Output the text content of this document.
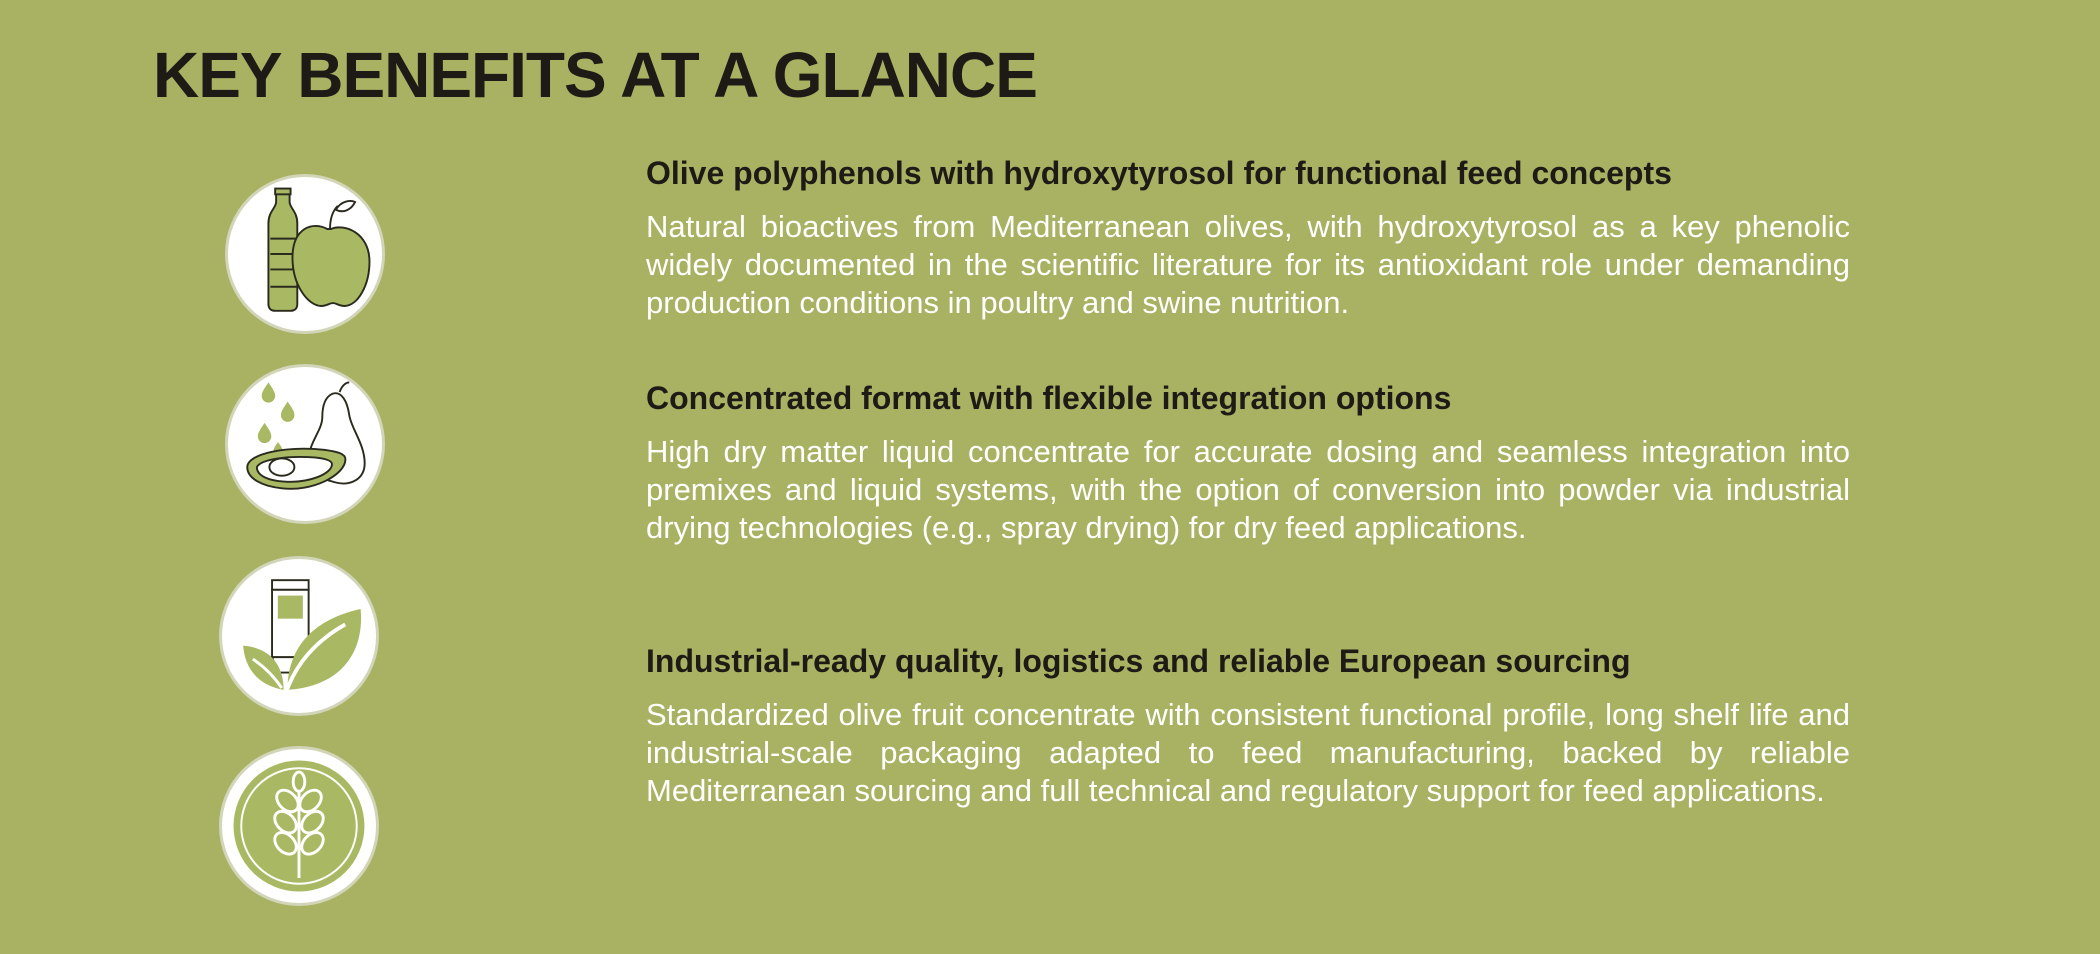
KEY BENEFITS AT A GLANCE
Olive polyphenols with hydroxytyrosol for functional feed concepts

Natural bioactives from Mediterranean olives, with hydroxytyrosol as a key phenolic widely documented in the scientific literature for its antioxidant role under demanding production conditions in poultry and swine nutrition.

Concentrated format with flexible integration options

High dry matter liquid concentrate for accurate dosing and seamless integration into premixes and liquid systems, with the option of conversion into powder via industrial drying technologies (e.g., spray drying) for dry feed applications.

Industrial-ready quality, logistics and reliable European sourcing

Standardized olive fruit concentrate with consistent functional profile, long shelf life and industrial-scale packaging adapted to feed manufacturing, backed by reliable Mediterranean sourcing and full technical and regulatory support for feed applications.
